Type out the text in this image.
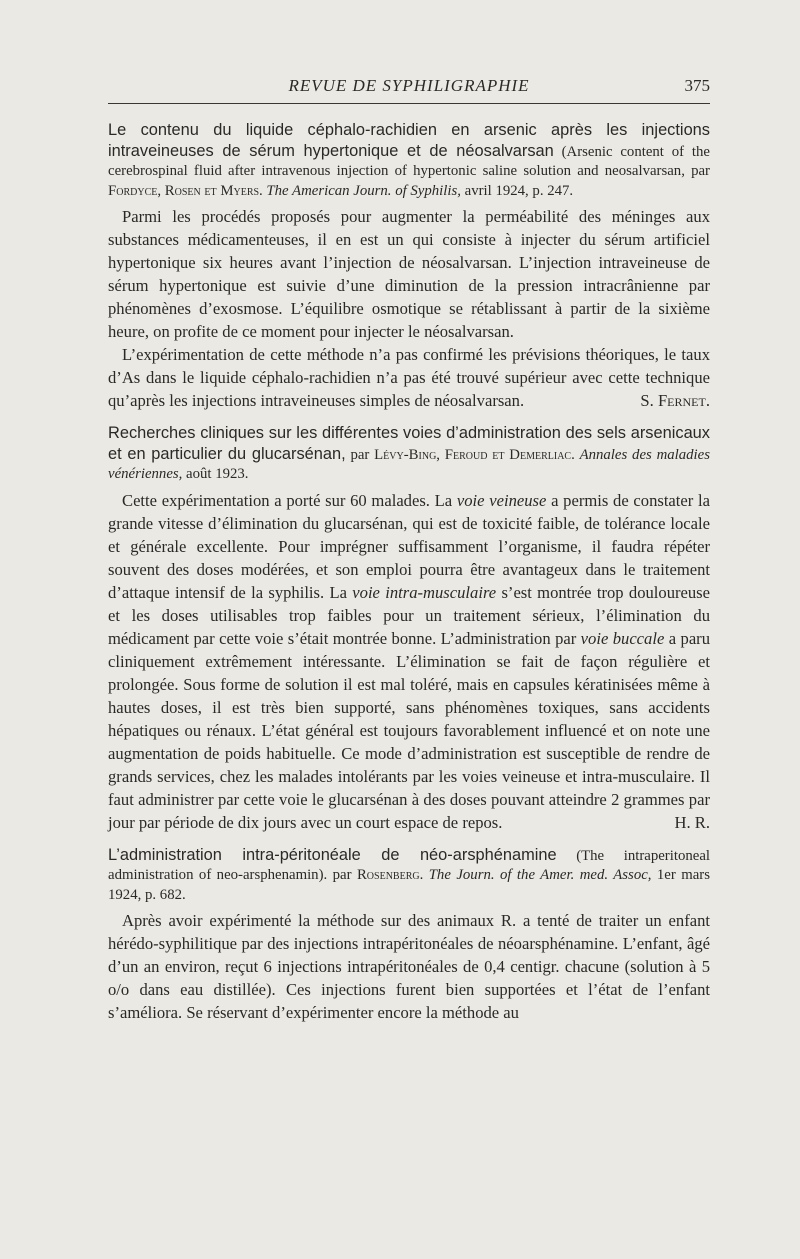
REVUE DE SYPHILIGRAPHIE	375

Le contenu du liquide céphalo-rachidien en arsenic après les injections intraveineuses de sérum hypertonique et de néosalvarsan (Arsenic content of the cerebrospinal fluid after intravenous injection of hypertonic saline solution and neosalvarsan, par Fordyce, Rosen et Myers. The American Journ. of Syphilis, avril 1924, p. 247.

Parmi les procédés proposés pour augmenter la perméabilité des méninges aux substances médicamenteuses, il en est un qui consiste à injecter du sérum artificiel hypertonique six heures avant l’injection de néosalvarsan. L’injection intraveineuse de sérum hypertonique est suivie d’une diminution de la pression intracrânienne par phénomènes d’exosmose. L’équilibre osmotique se rétablissant à partir de la sixième heure, on profite de ce moment pour injecter le néosalvarsan.

L’expérimentation de cette méthode n’a pas confirmé les prévisions théoriques, le taux d’As dans le liquide céphalo-rachidien n’a pas été trouvé supérieur avec cette technique qu’après les injections intraveineuses simples de néosalvarsan.	S. Fernet.

Recherches cliniques sur les différentes voies d’administration des sels arsenicaux et en particulier du glucarsénan, par Lévy-Bing, Feroud et Demerliac. Annales des maladies vénériennes, août 1923.

Cette expérimentation a porté sur 60 malades. La voie veineuse a permis de constater la grande vitesse d’élimination du glucarsénan, qui est de toxicité faible, de tolérance locale et générale excellente. Pour imprégner suffisamment l’organisme, il faudra répéter souvent des doses modérées, et son emploi pourra être avantageux dans le traitement d’attaque intensif de la syphilis. La voie intra-musculaire s’est montrée trop douloureuse et les doses utilisables trop faibles pour un traitement sérieux, l’élimination du médicament par cette voie s’était montrée bonne. L’administration par voie buccale a paru cliniquement extrêmement intéressante. L’élimination se fait de façon régulière et prolongée. Sous forme de solution il est mal toléré, mais en capsules kératinisées même à hautes doses, il est très bien supporté, sans phénomènes toxiques, sans accidents hépatiques ou rénaux. L’état général est toujours favorablement influencé et on note une augmentation de poids habituelle. Ce mode d’administration est susceptible de rendre de grands services, chez les malades intolérants par les voies veineuse et intra-musculaire. Il faut administrer par cette voie le glucarsénan à des doses pouvant atteindre 2 grammes par jour par période de dix jours avec un court espace de repos.	H. R.

L’administration intra-péritonéale de néo-arsphénamine (The intraperitoneal administration of neo-arsphenamin). par Rosenberg. The Journ. of the Amer. med. Assoc, 1er mars 1924, p. 682.

Après avoir expérimenté la méthode sur des animaux R. a tenté de traiter un enfant hérédo-syphilitique par des injections intrapéritonéales de néoarsphénamine. L’enfant, âgé d’un an environ, reçut 6 injections intrapéritonéales de 0,4 centigr. chacune (solution à 5 o/o dans eau distillée). Ces injections furent bien supportées et l’état de l’enfant s’améliora. Se réservant d’expérimenter encore la méthode au
